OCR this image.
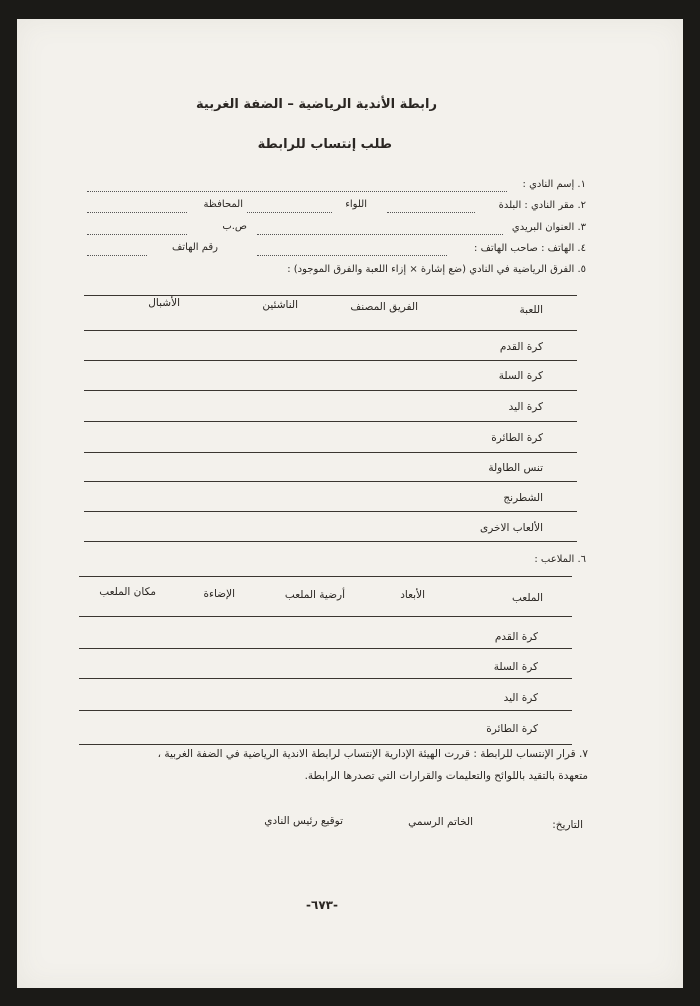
رابطة الأندية الرياضية – الضفة الغربية
طلب إنتساب للرابطة
١. إسم النادي :
٢. مقر النادي : البلدة
اللواء
المحافظة
٣. العنوان البريدي
ص.ب
٤. الهاتف : صاحب الهاتف :
رقم الهاتف
٥. الفرق الرياضية في النادي (ضع إشارة × إزاء اللعبة والفرق الموجود) :
اللعبة
الفريق المصنف
الناشئين
الأشبال
كرة القدم
كرة السلة
كرة اليد
كرة الطائرة
تنس الطاولة
الشطرنج
الألعاب الاخرى
٦. الملاعب :
الملعب
الأبعاد
أرضية الملعب
الإضاءة
مكان الملعب
كرة القدم
كرة السلة
كرة اليد
كرة الطائرة
٧. قرار الإنتساب للرابطة : قررت الهيئة الإدارية الإنتساب لرابطة الاندية الرياضية في الضفة الغربية ،
متعهدة بالتقيد باللوائح والتعليمات والقرارات التي تصدرها الرابطة.
التاريخ:
الخاتم الرسمي
توقيع رئيس النادي
-٦٧٣-
